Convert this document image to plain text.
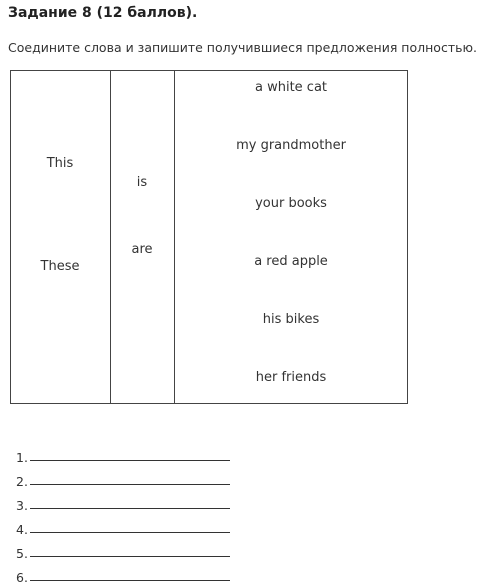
Задание 8 (12 баллов).
Соедините слова и запишите получившиеся предложения полностью.
This
These
is
are
a white cat
my grandmother
your books
a red apple
his bikes
her friends
1.
2.
3.
4.
5.
6.
